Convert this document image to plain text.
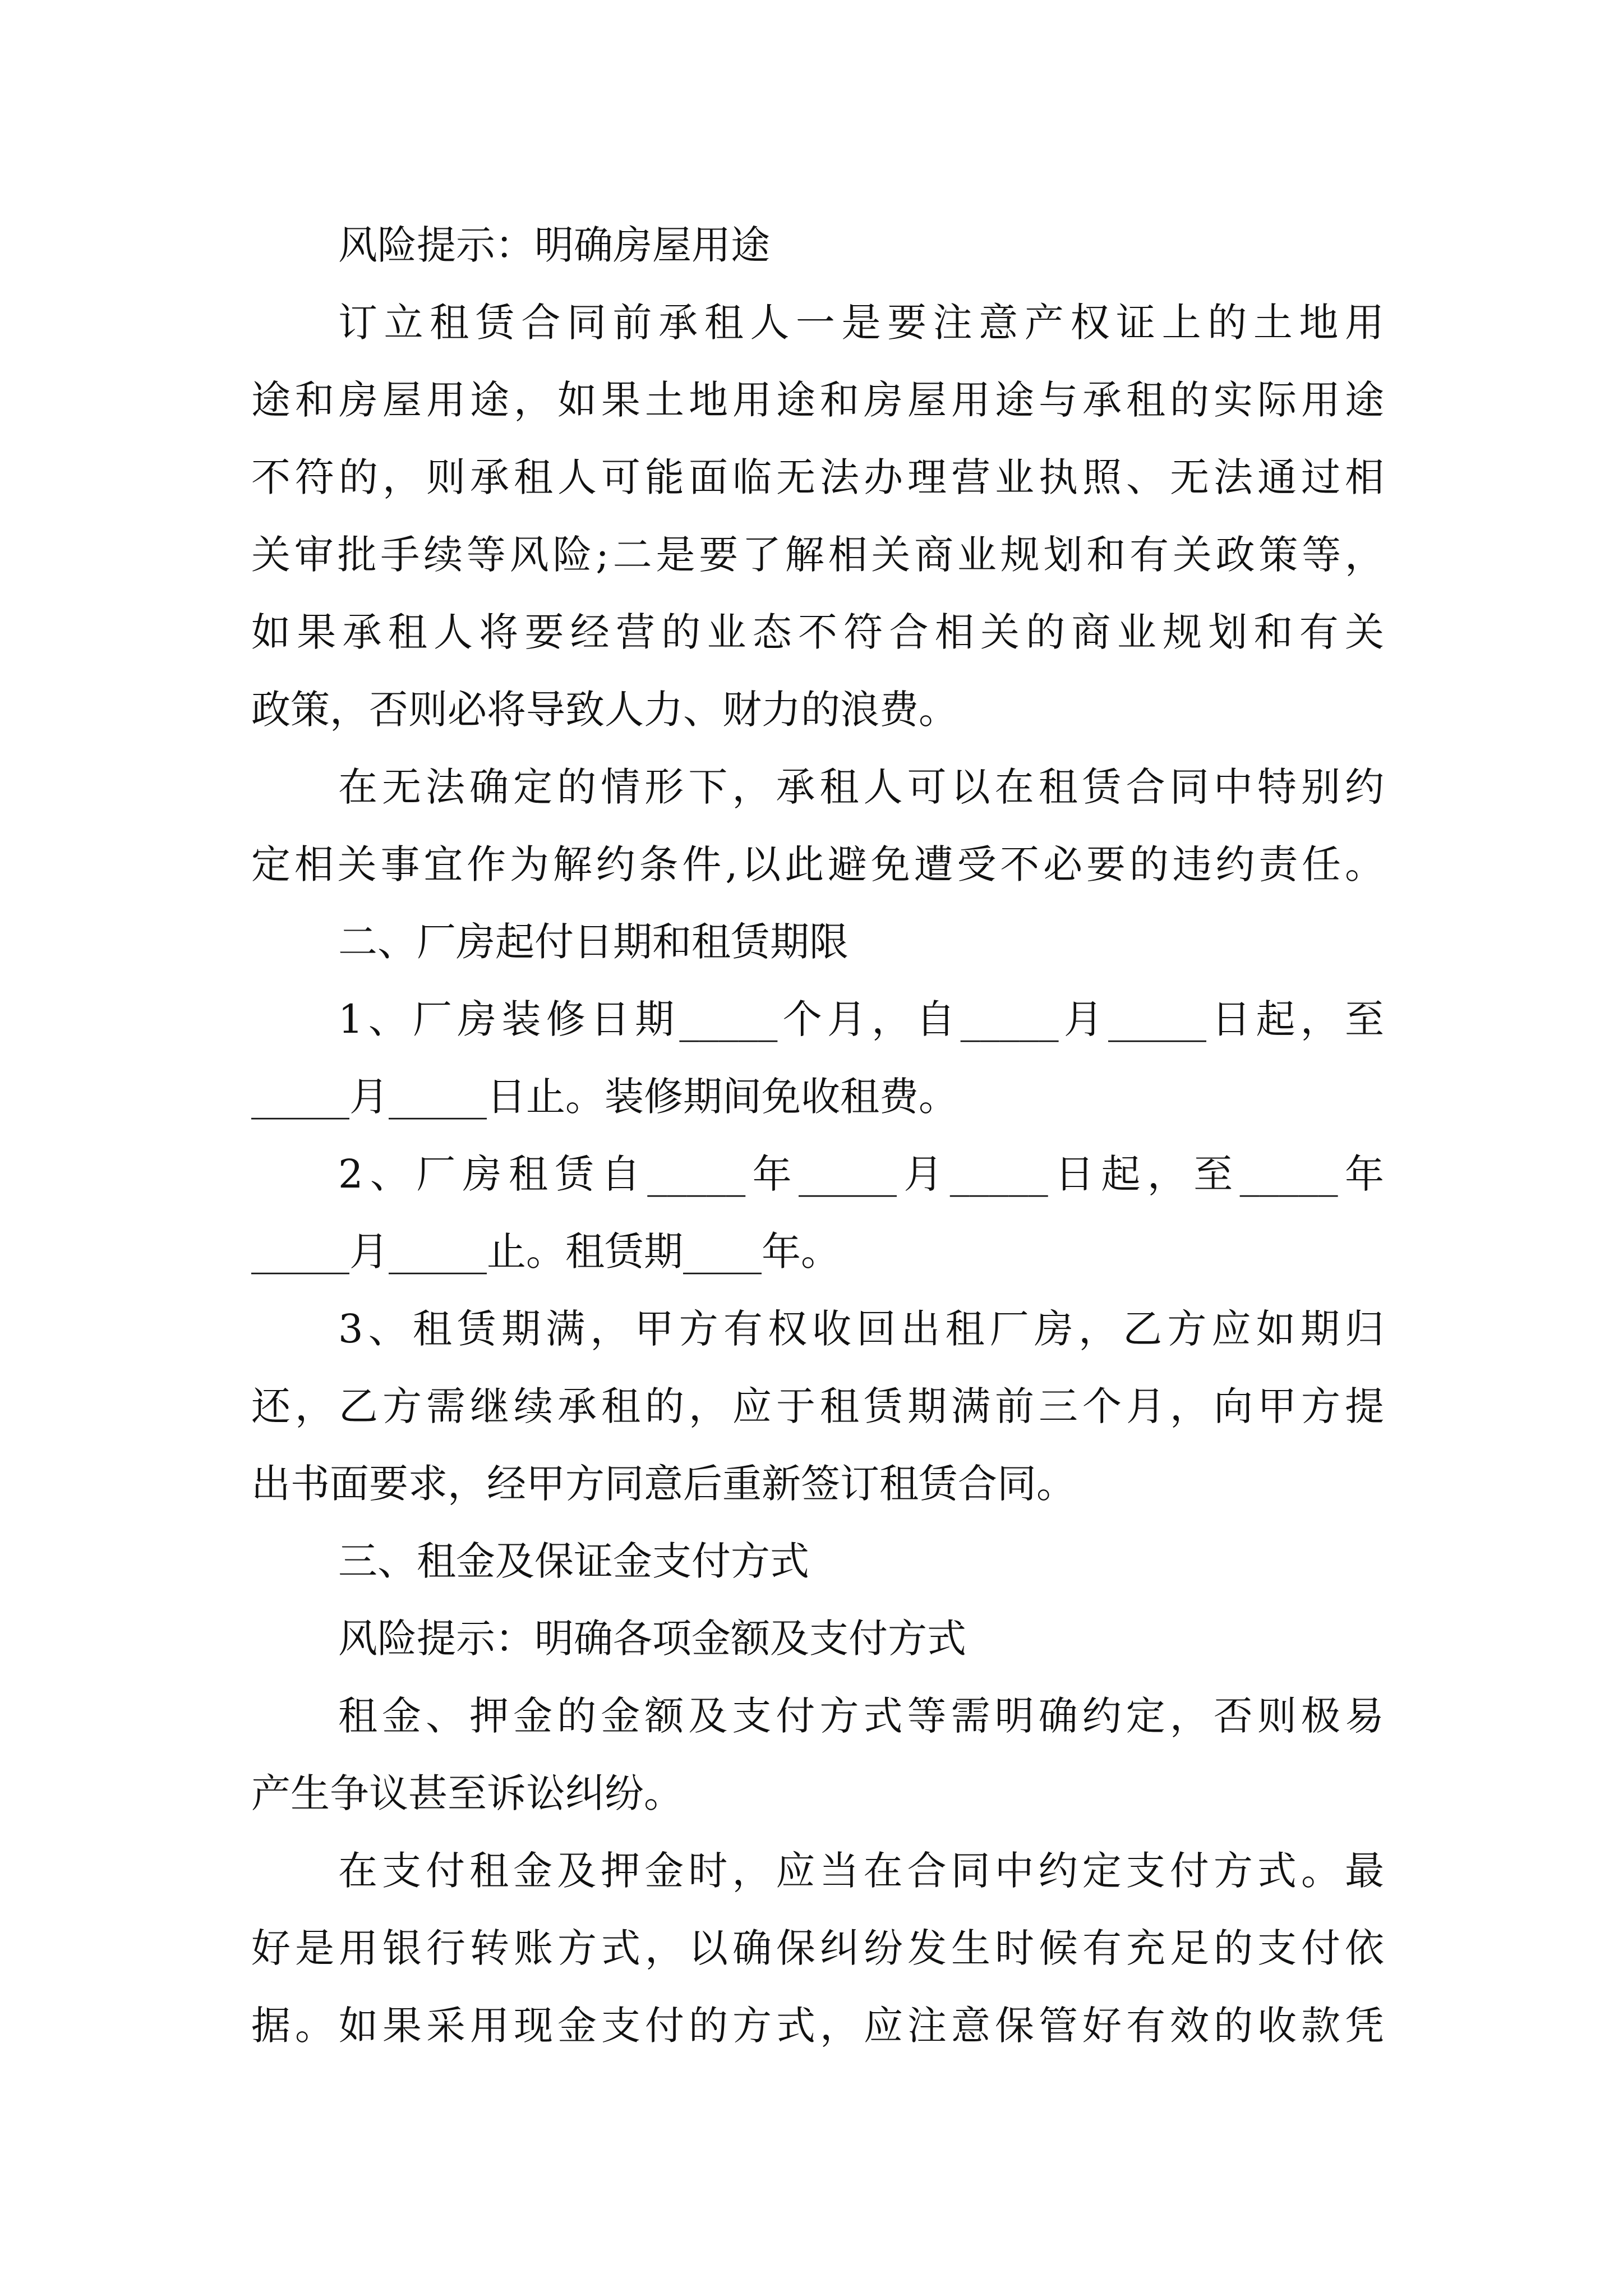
风险提示：明确房屋用途
订立租赁合同前承租人一是要注意产权证上的土地用
途和房屋用途，如果土地用途和房屋用途与承租的实际用途
不符的，则承租人可能面临无法办理营业执照、无法通过相
关审批手续等风险;二是要了解相关商业规划和有关政策等，
如果承租人将要经营的业态不符合相关的商业规划和有关
政策，否则必将导致人力、财力的浪费。
在无法确定的情形下，承租人可以在租赁合同中特别约
定相关事宜作为解约条件,以此避免遭受不必要的违约责任。
二、厂房起付日期和租赁期限
1、厂房装修日期_____个月，自_____月_____日起，至
_____月_____日止。装修期间免收租费。
2、厂房租赁自_____年_____月_____日起，至_____年
_____月_____止。租赁期____年。
3、租赁期满，甲方有权收回出租厂房，乙方应如期归
还，乙方需继续承租的，应于租赁期满前三个月，向甲方提
出书面要求，经甲方同意后重新签订租赁合同。
三、租金及保证金支付方式
风险提示：明确各项金额及支付方式
租金、押金的金额及支付方式等需明确约定，否则极易
产生争议甚至诉讼纠纷。
在支付租金及押金时，应当在合同中约定支付方式。最
好是用银行转账方式，以确保纠纷发生时候有充足的支付依
据。如果采用现金支付的方式，应注意保管好有效的收款凭
